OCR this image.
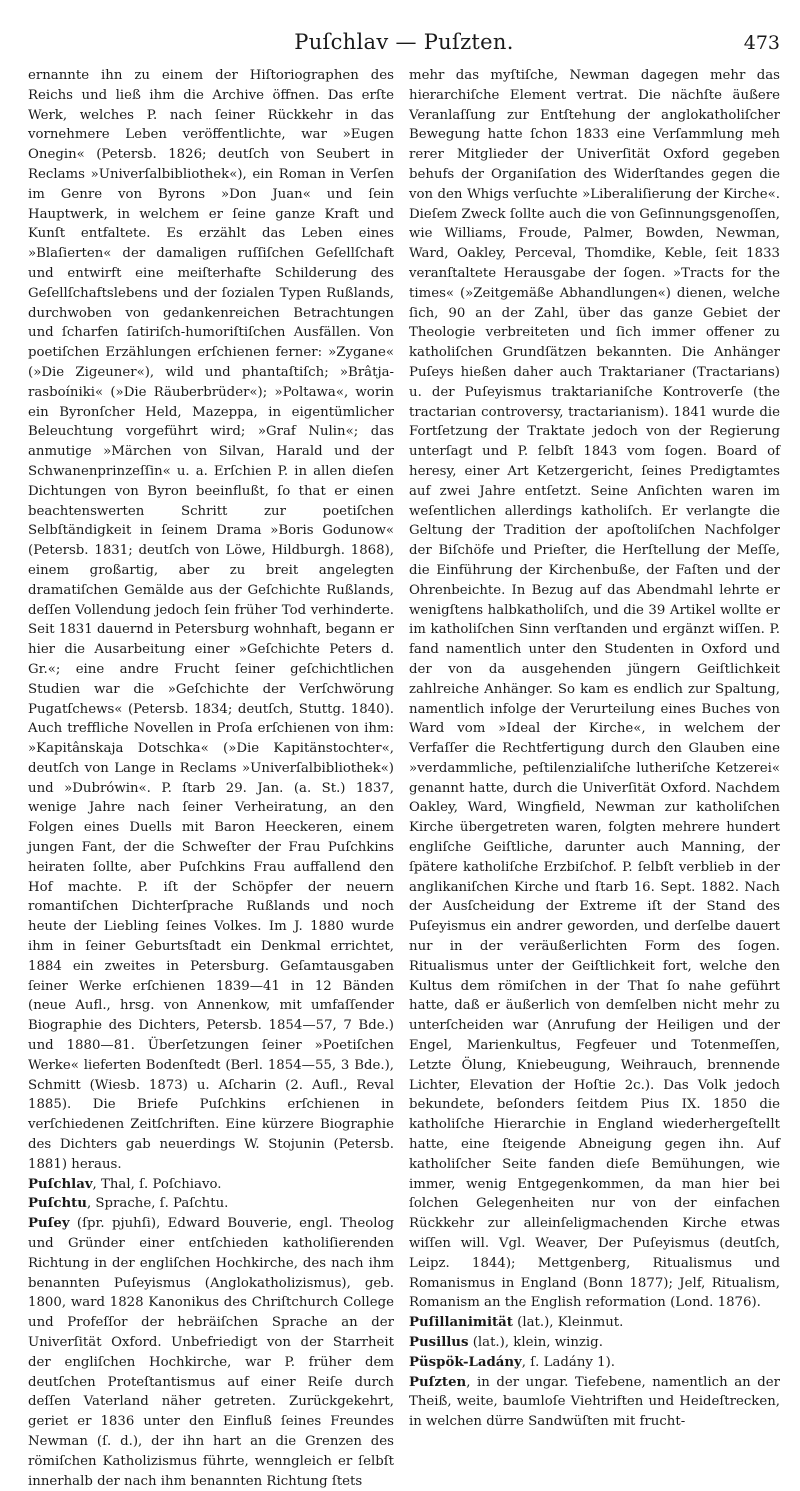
Puſchlav — Puſzten.	473

ernannte ihn zu einem der Hiſtoriographen des Reichs und ließ ihm die Archive öffnen. Das erſte Werk, welches P. nach ſeiner Rückkehr in das vornehmere Leben veröffentlichte, war »Eugen Onegin« (Petersb. 1826; deutſch von Seubert in Reclams »Univerſalbibliothek«), ein Roman in Verſen im Genre von Byrons »Don Juan« und ſein Hauptwerk, in welchem er ſeine ganze Kraft und Kunſt entfaltete. Es erzählt das Leben eines »Blaſierten« der damaligen ruſſiſchen Geſellſchaft und entwirft eine meiſterhafte Schilderung des Geſellſchaftslebens und der ſozialen Typen Rußlands, durchwoben von gedankenreichen Betrachtungen und ſcharfen ſatiriſch-humoriſtiſchen Ausfällen. Von poetiſchen Erzählungen erſchienen ferner: »Zygane« (»Die Zigeuner«), wild und phantaſtiſch; »Brâtja-rasboíniki« (»Die Räuberbrüder«); »Poltawa«, worin ein Byronſcher Held, Mazeppa, in eigentümlicher Beleuchtung vorgeführt wird; »Graf Nulin«; das anmutige »Märchen von Silvan, Harald und der Schwanenprinzeſſin« u. a. Erſchien P. in allen dieſen Dichtungen von Byron beeinflußt, ſo that er einen beachtenswerten Schritt zur poetiſchen Selbſtändigkeit in ſeinem Drama »Boris Godunow« (Petersb. 1831; deutſch von Löwe, Hildburgh. 1868), einem großartig, aber zu breit angelegten dramatiſchen Gemälde aus der Geſchichte Rußlands, deſſen Vollendung jedoch ſein früher Tod verhinderte. Seit 1831 dauernd in Petersburg wohnhaft, begann er hier die Ausarbeitung einer »Geſchichte Peters d. Gr.«; eine andre Frucht ſeiner geſchichtlichen Studien war die »Geſchichte der Verſchwörung Pugatſchews« (Petersb. 1834; deutſch, Stuttg. 1840). Auch treffliche Novellen in Proſa erſchienen von ihm: »Kapitânskaja Dotschka« (»Die Kapitänstochter«, deutſch von Lange in Reclams »Univerſalbibliothek«) und »Dubrówin«. P. ſtarb 29. Jan. (a. St.) 1837, wenige Jahre nach ſeiner Verheiratung, an den Folgen eines Duells mit Baron Heeckeren, einem jungen Fant, der die Schweſter der Frau Puſchkins heiraten ſollte, aber Puſchkins Frau auffallend den Hof machte. P. iſt der Schöpfer der neuern romantiſchen Dichterſprache Rußlands und noch heute der Liebling ſeines Volkes. Im J. 1880 wurde ihm in ſeiner Geburtsſtadt ein Denkmal errichtet, 1884 ein zweites in Petersburg. Geſamtausgaben ſeiner Werke erſchienen 1839—41 in 12 Bänden (neue Aufl., hrsg. von Annenkow, mit umfaſſender Biographie des Dichters, Petersb. 1854—57, 7 Bde.) und 1880—81. Überſetzungen ſeiner »Poetiſchen Werke« lieferten Bodenſtedt (Berl. 1854—55, 3 Bde.), Schmitt (Wiesb. 1873) u. Aſcharin (2. Aufl., Reval 1885). Die Briefe Puſchkins erſchienen in verſchiedenen Zeitſchriften. Eine kürzere Biographie des Dichters gab neuerdings W. Stojunin (Petersb. 1881) heraus.

Puſchlav, Thal, ſ. Poſchiavo.

Puſchtu, Sprache, ſ. Paſchtu.

Puſey (ſpr. pjuhſi), Edward Bouverie, engl. Theolog und Gründer einer entſchieden katholiſierenden Richtung in der engliſchen Hochkirche, des nach ihm benannten Puſeyismus (Anglokatholizismus), geb. 1800, ward 1828 Kanonikus des Chriſtchurch College und Profeſſor der hebräiſchen Sprache an der Univerſität Oxford. Unbefriedigt von der Starrheit der engliſchen Hochkirche, war P. früher dem deutſchen Proteſtantismus auf einer Reiſe durch deſſen Vaterland näher getreten. Zurückgekehrt, geriet er 1836 unter den Einfluß ſeines Freundes Newman (ſ. d.), der ihn hart an die Grenzen des römiſchen Katholizismus führte, wenngleich er ſelbſt innerhalb der nach ihm benannten Richtung ſtets

mehr das myſtiſche, Newman dagegen mehr das hierarchiſche Element vertrat. Die nächſte äußere Veranlaſſung zur Entſtehung der anglokatholiſcher Bewegung hatte ſchon 1833 eine Verſammlung meh rerer Mitglieder der Univerſität Oxford gegeben behufs der Organiſation des Widerſtandes gegen die von den Whigs verſuchte »Liberaliſierung der Kirche«. Dieſem Zweck ſollte auch die von Geſinnungsgenoſſen, wie Williams, Froude, Palmer, Bowden, Newman, Ward, Oakley, Perceval, Thomdike, Keble, ſeit 1833 veranſtaltete Herausgabe der ſogen. »Tracts for the times« (»Zeitgemäße Abhandlungen«) dienen, welche ſich, 90 an der Zahl, über das ganze Gebiet der Theologie verbreiteten und ſich immer offener zu katholiſchen Grundſätzen bekannten. Die Anhänger Puſeys hießen daher auch Traktarianer (Tractarians) u. der Puſeyismus traktarianiſche Kontroverſe (the tractarian controversy, tractarianism). 1841 wurde die Fortſetzung der Traktate jedoch von der Regierung unterſagt und P. ſelbſt 1843 vom ſogen. Board of heresy, einer Art Ketzergericht, ſeines Predigtamtes auf zwei Jahre entſetzt. Seine Anſichten waren im weſentlichen allerdings katholiſch. Er verlangte die Geltung der Tradition der apoſtoliſchen Nachfolger der Biſchöfe und Prieſter, die Herſtellung der Meſſe, die Einführung der Kirchenbuße, der Faſten und der Ohrenbeichte. In Bezug auf das Abendmahl lehrte er wenigſtens halbkatholiſch, und die 39 Artikel wollte er im katholiſchen Sinn verſtanden und ergänzt wiſſen. P. fand namentlich unter den Studenten in Oxford und der von da ausgehenden jüngern Geiſtlichkeit zahlreiche Anhänger. So kam es endlich zur Spaltung, namentlich infolge der Verurteilung eines Buches von Ward vom »Ideal der Kirche«, in welchem der Verfaſſer die Rechtfertigung durch den Glauben eine »verdammliche, peſtilenzialiſche lutheriſche Ketzerei« genannt hatte, durch die Univerſität Oxford. Nachdem Oakley, Ward, Wingfield, Newman zur katholiſchen Kirche übergetreten waren, folgten mehrere hundert engliſche Geiſtliche, darunter auch Manning, der ſpätere katholiſche Erzbiſchof. P. ſelbſt verblieb in der anglikaniſchen Kirche und ſtarb 16. Sept. 1882. Nach der Ausſcheidung der Extreme iſt der Stand des Puſeyismus ein andrer geworden, und derſelbe dauert nur in der veräußerlichten Form des ſogen. Ritualismus unter der Geiſtlichkeit fort, welche den Kultus dem römiſchen in der That ſo nahe geführt hatte, daß er äußerlich von demſelben nicht mehr zu unterſcheiden war (Anrufung der Heiligen und der Engel, Marienkultus, Fegfeuer und Totenmeſſen, Letzte Ölung, Kniebeugung, Weihrauch, brennende Lichter, Elevation der Hoſtie 2c.). Das Volk jedoch bekundete, beſonders ſeitdem Pius IX. 1850 die katholiſche Hierarchie in England wiederhergeſtellt hatte, eine ſteigende Abneigung gegen ihn. Auf katholiſcher Seite fanden dieſe Bemühungen, wie immer, wenig Entgegenkommen, da man hier bei ſolchen Gelegenheiten nur von der einfachen Rückkehr zur alleinſeligmachenden Kirche etwas wiſſen will. Vgl. Weaver, Der Puſeyismus (deutſch, Leipz. 1844); Mettgenberg, Ritualismus und Romanismus in England (Bonn 1877); Jelf, Ritualism, Romanism an the English reformation (Lond. 1876).

Puſillanimität (lat.), Kleinmut.

Pusillus (lat.), klein, winzig.

Püspök-Ladány, ſ. Ladány 1).

Puſzten, in der ungar. Tiefebene, namentlich an der Theiß, weite, baumloſe Viehtriften und Heideſtrecken, in welchen dürre Sandwüſten mit frucht-
